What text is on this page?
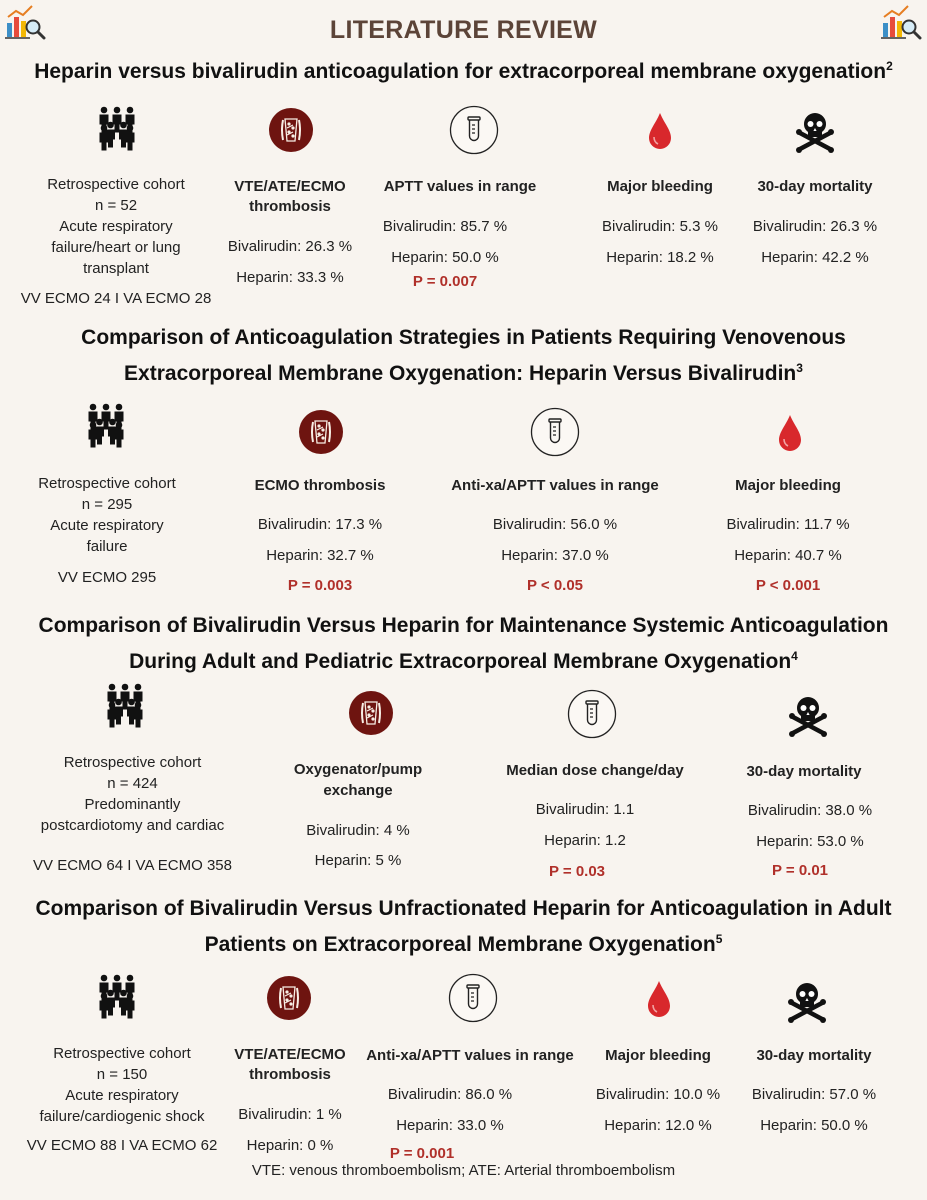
LITERATURE REVIEW
Heparin versus bivalirudin anticoagulation for extracorporeal membrane oxygenation$^2$
Retrospective cohort
n = 52
Acute respiratory
failure/heart or lung
transplant
VV ECMO 24 I VA ECMO 28
VTE/ATE/ECMO
thrombosis
Bivalirudin: 26.3 %
Heparin: 33.3 %
APTT values in range
Bivalirudin: 85.7 %
Heparin: 50.0 %
P = 0.007
Major bleeding
Bivalirudin: 5.3 %
Heparin: 18.2 %
30-day mortality
Bivalirudin: 26.3 %
Heparin: 42.2 %
Comparison of Anticoagulation Strategies in Patients Requiring Venovenous
Extracorporeal Membrane Oxygenation: Heparin Versus Bivalirudin$^3$
Retrospective cohort
n = 295
Acute respiratory
failure
VV ECMO 295
ECMO thrombosis
Bivalirudin: 17.3 %
Heparin: 32.7 %
P = 0.003
Anti-xa/APTT values in range
Bivalirudin: 56.0 %
Heparin: 37.0 %
P < 0.05
Major bleeding
Bivalirudin: 11.7 %
Heparin: 40.7 %
P < 0.001
Comparison of Bivalirudin Versus Heparin for Maintenance Systemic Anticoagulation
During Adult and Pediatric Extracorporeal Membrane Oxygenation$^4$
Retrospective cohort
n = 424
Predominantly
postcardiotomy and cardiac
VV ECMO 64 I VA ECMO 358
Oxygenator/pump
exchange
Bivalirudin: 4 %
Heparin: 5 %
Median dose change/day
Bivalirudin: 1.1
Heparin: 1.2
P = 0.03
30-day mortality
Bivalirudin: 38.0 %
Heparin: 53.0 %
P = 0.01
Comparison of Bivalirudin Versus Unfractionated Heparin for Anticoagulation in Adult
Patients on Extracorporeal Membrane Oxygenation$^5$
Retrospective cohort
n = 150
Acute respiratory
failure/cardiogenic shock
VV ECMO 88 I VA ECMO 62
VTE/ATE/ECMO
thrombosis
Bivalirudin: 1 %
Heparin: 0 %
Anti-xa/APTT values in range
Bivalirudin: 86.0 %
Heparin: 33.0 %
P = 0.001
Major bleeding
Bivalirudin: 10.0 %
Heparin: 12.0 %
30-day mortality
Bivalirudin: 57.0 %
Heparin: 50.0 %
VTE: venous thromboembolism; ATE: Arterial thromboembolism
